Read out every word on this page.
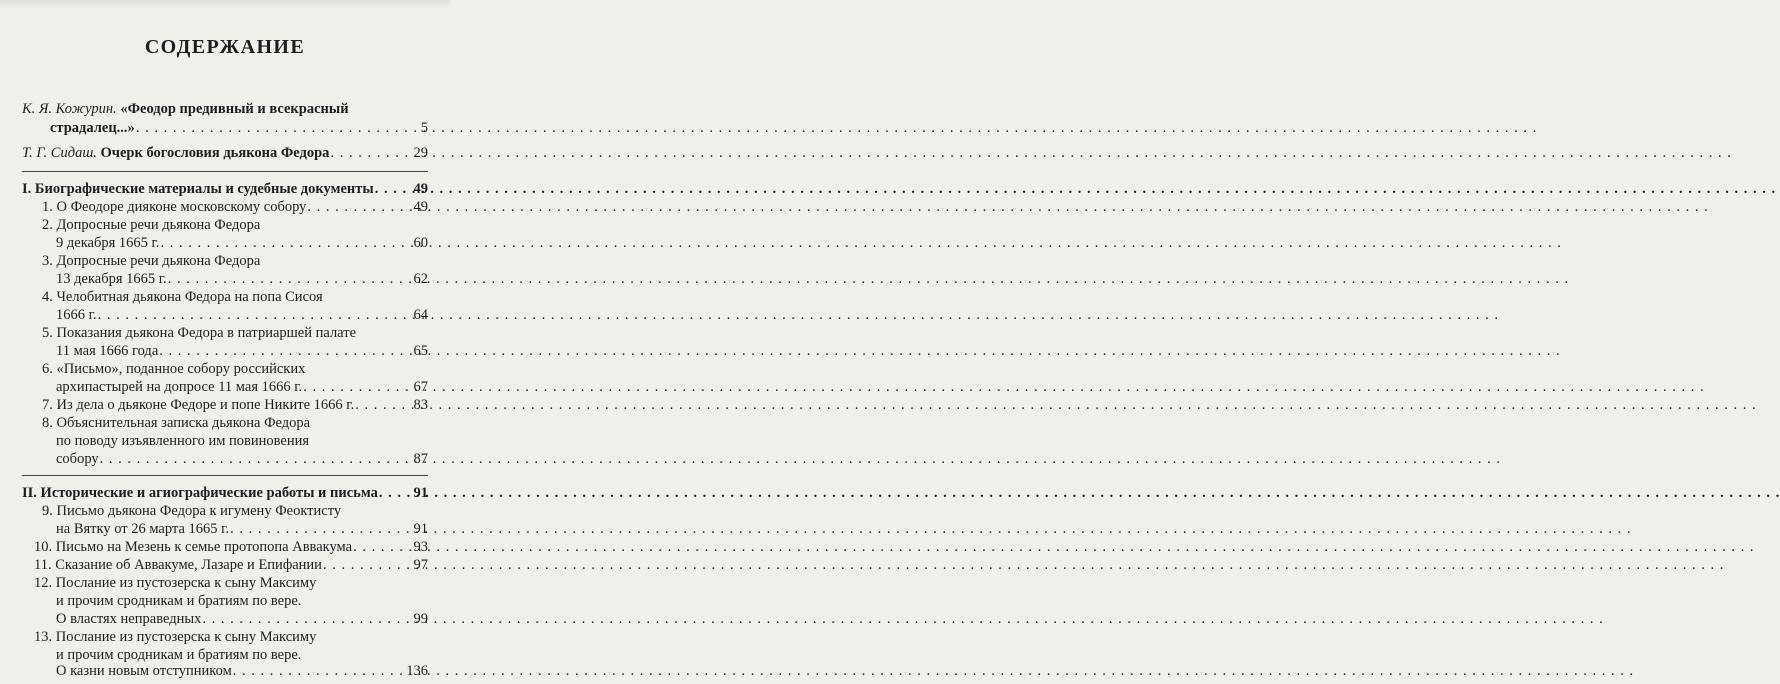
СОДЕРЖАНИЕ
К. Я. Кожурин. «Феодор предивный и всекрасный
страдалец...» . . .	5
Т. Г. Сидаш. Очерк богословия дьякона Федора . . .	29
I. Биографические материалы и судебные документы . . .	49
1. О Феодоре дияконе московскому собору . . .	49
2. Допросные речи дьякона Федора
9 декабря 1665 г. . . .	60
3. Допросные речи дьякона Федора
13 декабря 1665 г. . . .	62
4. Челобитная дьякона Федора на попа Сисоя
1666 г. . . .	64
5. Показания дьякона Федора в патриаршей палате
11 мая 1666 года . . .	65
6. «Письмо», поданное собору российских
архипастырей на допросе 11 мая 1666 г. . . .	67
7. Из дела о дьяконе Федоре и попе Никите 1666 г. . . .	83
8. Объяснительная записка дьякона Федора
по поводу изъявленного им повиновения
собору . . .	87
II. Исторические и агиографические работы и письма . . . 91
9. Письмо дьякона Федора к игумену Феоктисту
на Вятку от 26 марта 1665 г. . . .	91
10. Письмо на Мезень к семье протопопа Аввакума . . .	93
11. Сказание об Аввакуме, Лазаре и Епифании . . .	97
12. Послание из пустозерска к сыну Максиму
и прочим сродникам и братиям по вере.
О властях неправедных . . .	99
13. Послание из пустозерска к сыну Максиму
и прочим сродникам и братиям по вере.
О казни новым отступником . . .	136
